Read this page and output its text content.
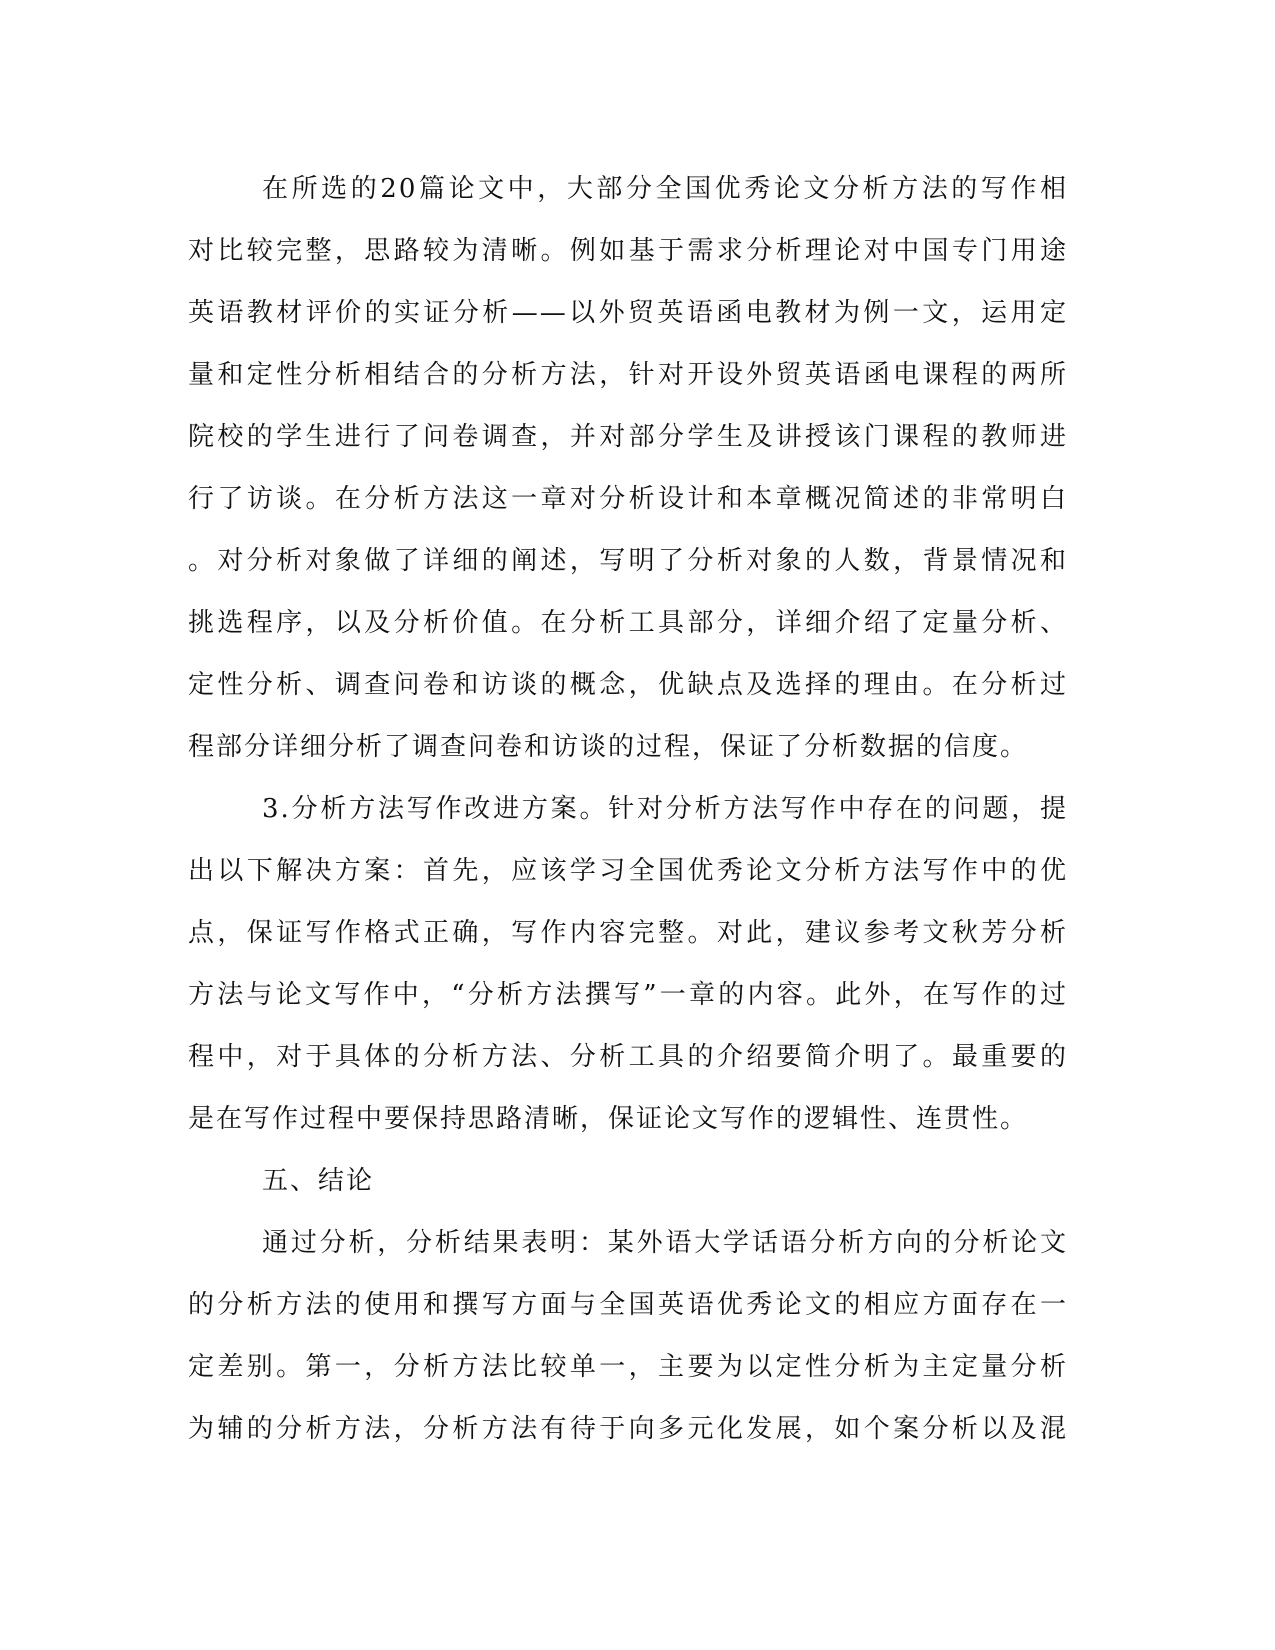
在所选的20篇论文中，大部分全国优秀论文分析方法的写作相
对比较完整，思路较为清晰。例如基于需求分析理论对中国专门用途
英语教材评价的实证分析——以外贸英语函电教材为例一文，运用定
量和定性分析相结合的分析方法，针对开设外贸英语函电课程的两所
院校的学生进行了问卷调查，并对部分学生及讲授该门课程的教师进
行了访谈。在分析方法这一章对分析设计和本章概况简述的非常明白
。对分析对象做了详细的阐述，写明了分析对象的人数，背景情况和
挑选程序，以及分析价值。在分析工具部分，详细介绍了定量分析、
定性分析、调查问卷和访谈的概念，优缺点及选择的理由。在分析过
程部分详细分析了调查问卷和访谈的过程，保证了分析数据的信度。
3.分析方法写作改进方案。针对分析方法写作中存在的问题，提
出以下解决方案：首先，应该学习全国优秀论文分析方法写作中的优
点，保证写作格式正确，写作内容完整。对此，建议参考文秋芳分析
方法与论文写作中，“分析方法撰写”一章的内容。此外，在写作的过
程中，对于具体的分析方法、分析工具的介绍要简介明了。最重要的
是在写作过程中要保持思路清晰，保证论文写作的逻辑性、连贯性。
五、结论
通过分析，分析结果表明：某外语大学话语分析方向的分析论文
的分析方法的使用和撰写方面与全国英语优秀论文的相应方面存在一
定差别。第一，分析方法比较单一，主要为以定性分析为主定量分析
为辅的分析方法，分析方法有待于向多元化发展，如个案分析以及混
